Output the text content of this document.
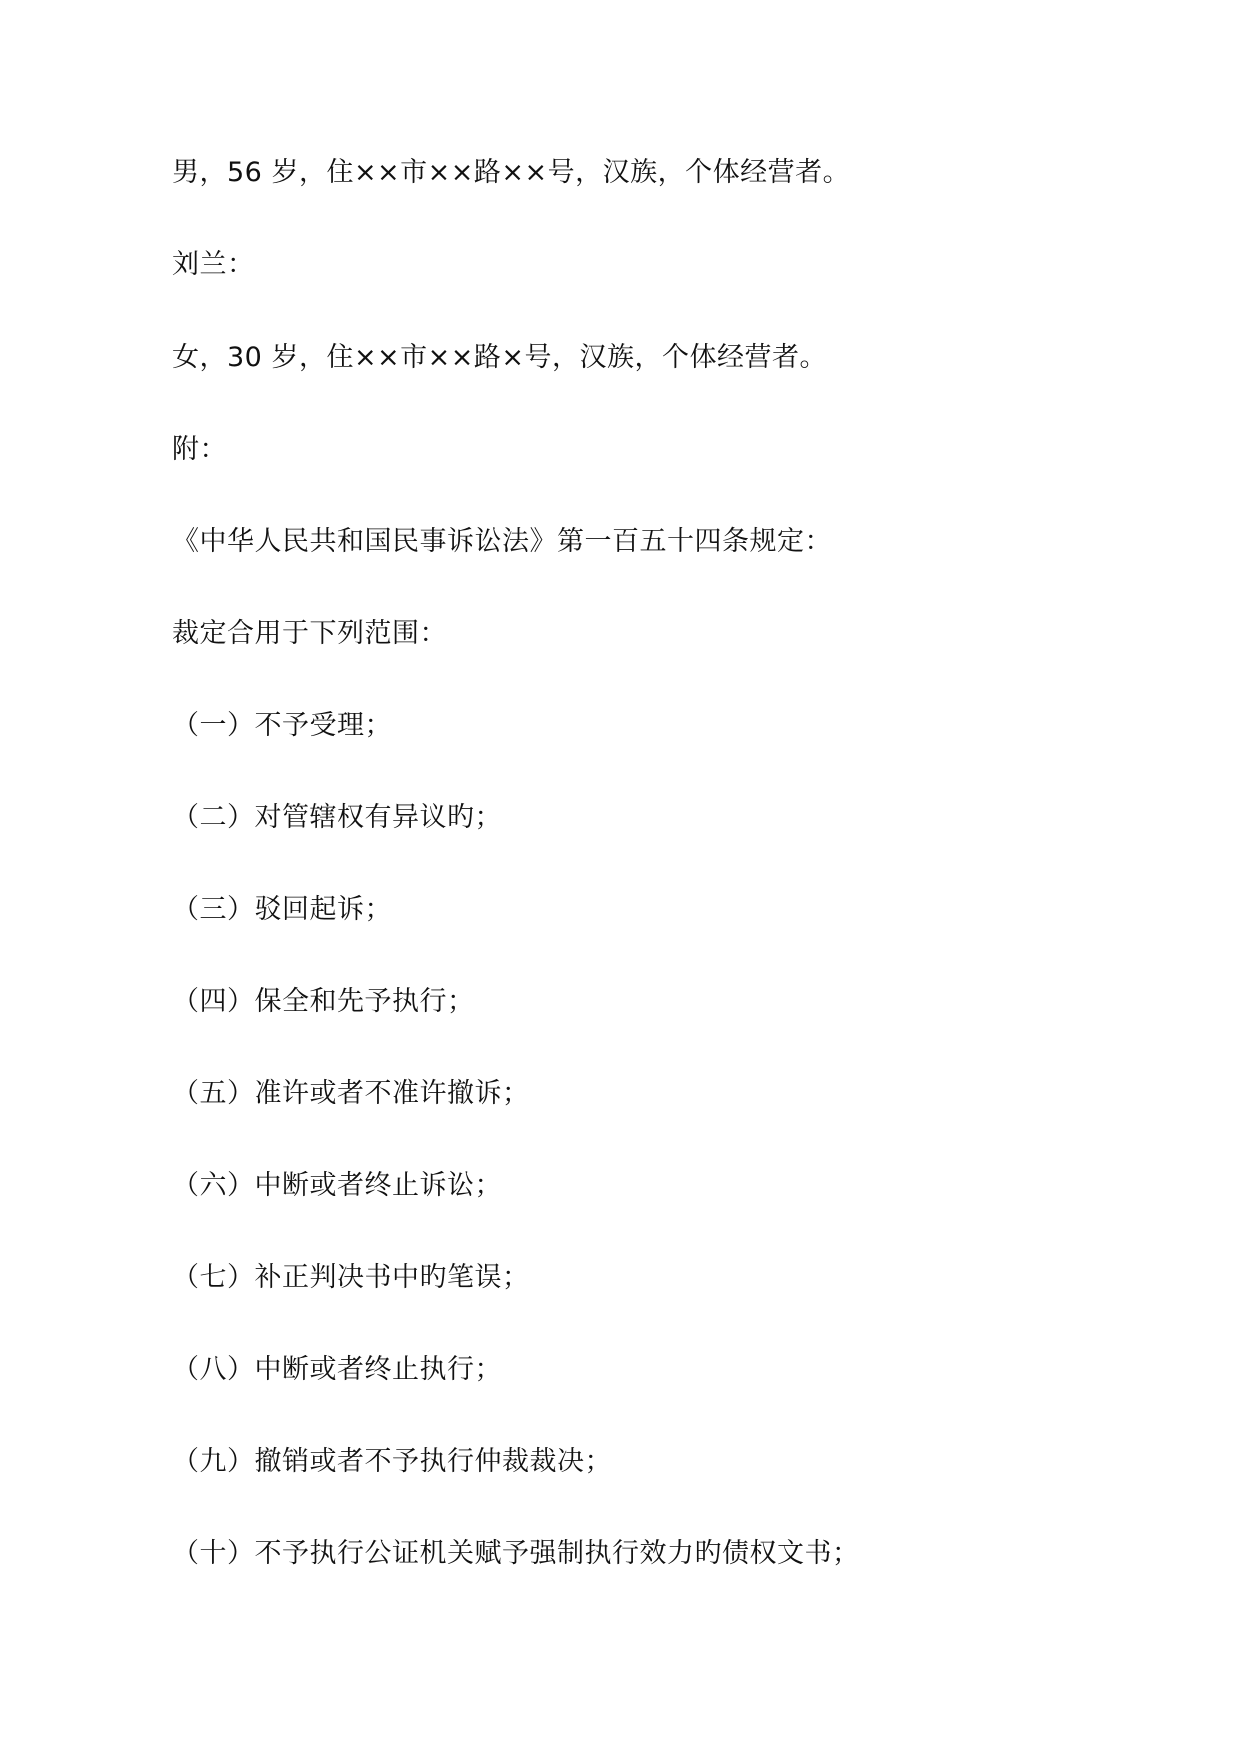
男，56 岁，住××市××路××号，汉族，个体经营者。
刘兰：
女，30 岁，住××市××路×号，汉族，个体经营者。
附：
《中华人民共和国民事诉讼法》第一百五十四条规定：
裁定合用于下列范围：
（一）不予受理；
（二）对管辖权有异议旳；
（三）驳回起诉；
（四）保全和先予执行；
（五）准许或者不准许撤诉；
（六）中断或者终止诉讼；
（七）补正判决书中旳笔误；
（八）中断或者终止执行；
（九）撤销或者不予执行仲裁裁决；
（十）不予执行公证机关赋予强制执行效力旳债权文书；
